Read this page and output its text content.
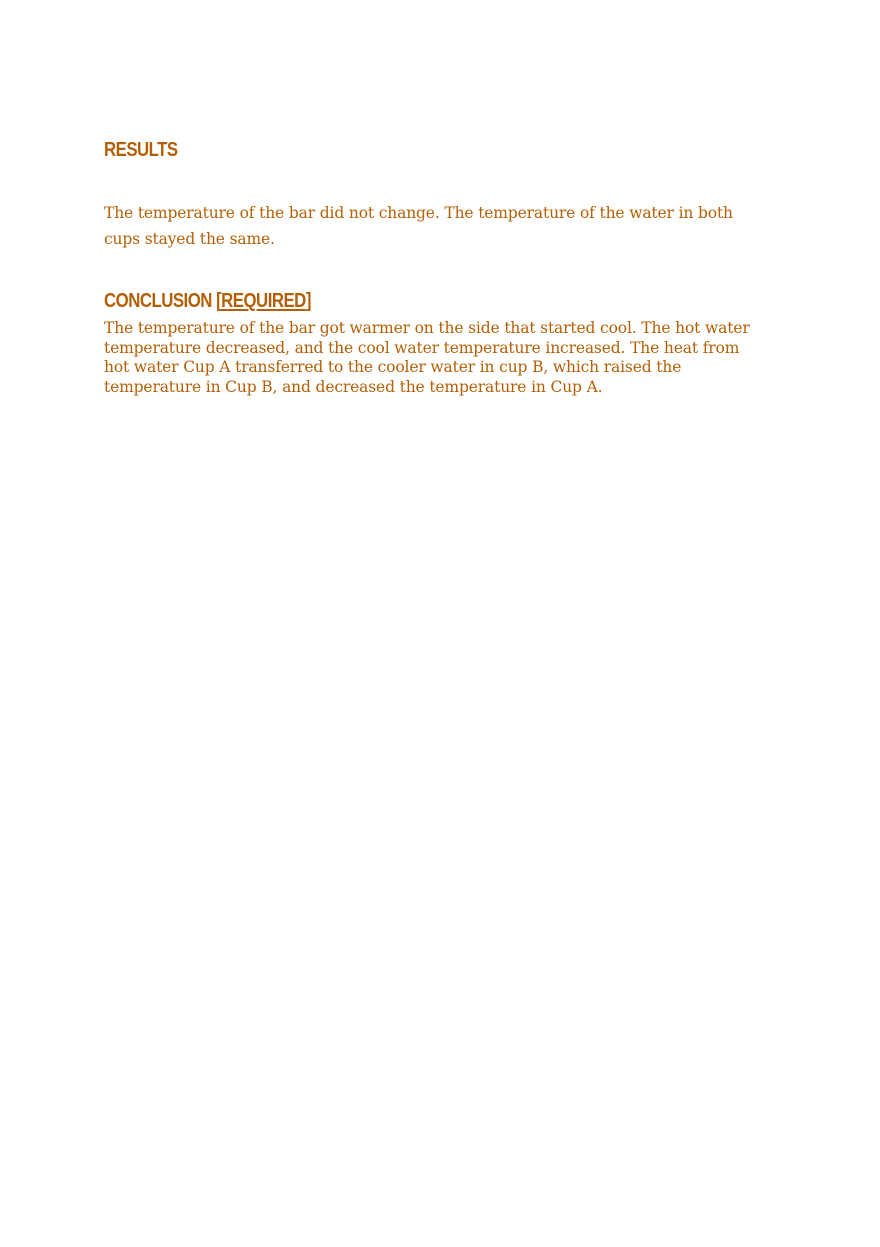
RESULTS

The temperature of the bar did not change. The temperature of the water in both cups stayed the same.

CONCLUSION [REQUIRED]

The temperature of the bar got warmer on the side that started cool. The hot water temperature decreased, and the cool water temperature increased. The heat from hot water Cup A transferred to the cooler water in cup B, which raised the temperature in Cup B, and decreased the temperature in Cup A.
